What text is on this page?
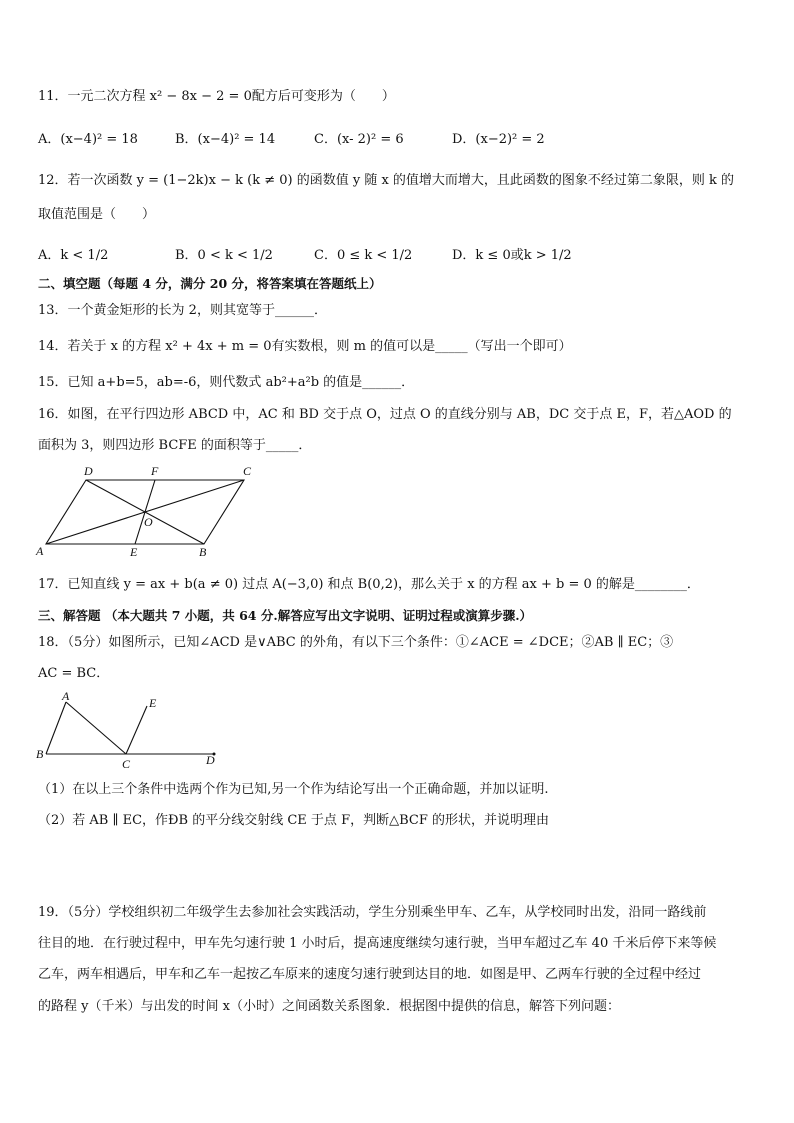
11．一元二次方程 x² − 8x − 2 = 0配方后可变形为（　　）
A．(x−4)² = 18	B．(x−4)² = 14	C．(x- 2)² = 6	D．(x−2)² = 2
12．若一次函数 y = (1−2k)x − k (k ≠ 0) 的函数值 y 随 x 的值增大而增大，且此函数的图象不经过第二象限，则 k 的
取值范围是（　　）
A．k < 1/2	B．0 < k < 1/2	C．0 ≤ k < 1/2	D．k ≤ 0或k > 1/2
二、填空题（每题 4 分，满分 20 分，将答案填在答题纸上）
13．一个黄金矩形的长为 2，则其宽等于______．
14．若关于 x 的方程 x² + 4x + m = 0有实数根，则 m 的值可以是_____（写出一个即可）
15．已知 a+b=5，ab=-6，则代数式 ab²+a²b 的值是______．
16．如图，在平行四边形 ABCD 中，AC 和 BD 交于点 O，过点 O 的直线分别与 AB，DC 交于点 E，F，若△AOD 的
面积为 3，则四边形 BCFE 的面积等于_____．
D	F	C
O
A	E	B
17．已知直线 y = ax + b(a ≠ 0) 过点 A(−3,0) 和点 B(0,2)，那么关于 x 的方程 ax + b = 0 的解是________．
三、解答题 （本大题共 7 小题，共 64 分.解答应写出文字说明、证明过程或演算步骤.）
18．（5分）如图所示，已知∠ACD 是∨ABC 的外角，有以下三个条件：①∠ACE = ∠DCE；②AB ∥ EC；③
AC = BC．
A	E
B
C	D
（1）在以上三个条件中选两个作为已知,另一个作为结论写出一个正确命题，并加以证明.
（2）若 AB ∥ EC，作ÐB 的平分线交射线 CE 于点 F，判断△BCF 的形状，并说明理由
19．（5分）学校组织初二年级学生去参加社会实践活动，学生分别乘坐甲车、乙车，从学校同时出发，沿同一路线前
往目的地．在行驶过程中，甲车先匀速行驶 1 小时后，提高速度继续匀速行驶，当甲车超过乙车 40 千米后停下来等候
乙车，两车相遇后，甲车和乙车一起按乙车原来的速度匀速行驶到达目的地．如图是甲、乙两车行驶的全过程中经过
的路程 y（千米）与出发的时间 x（小时）之间函数关系图象．根据图中提供的信息，解答下列问题：
